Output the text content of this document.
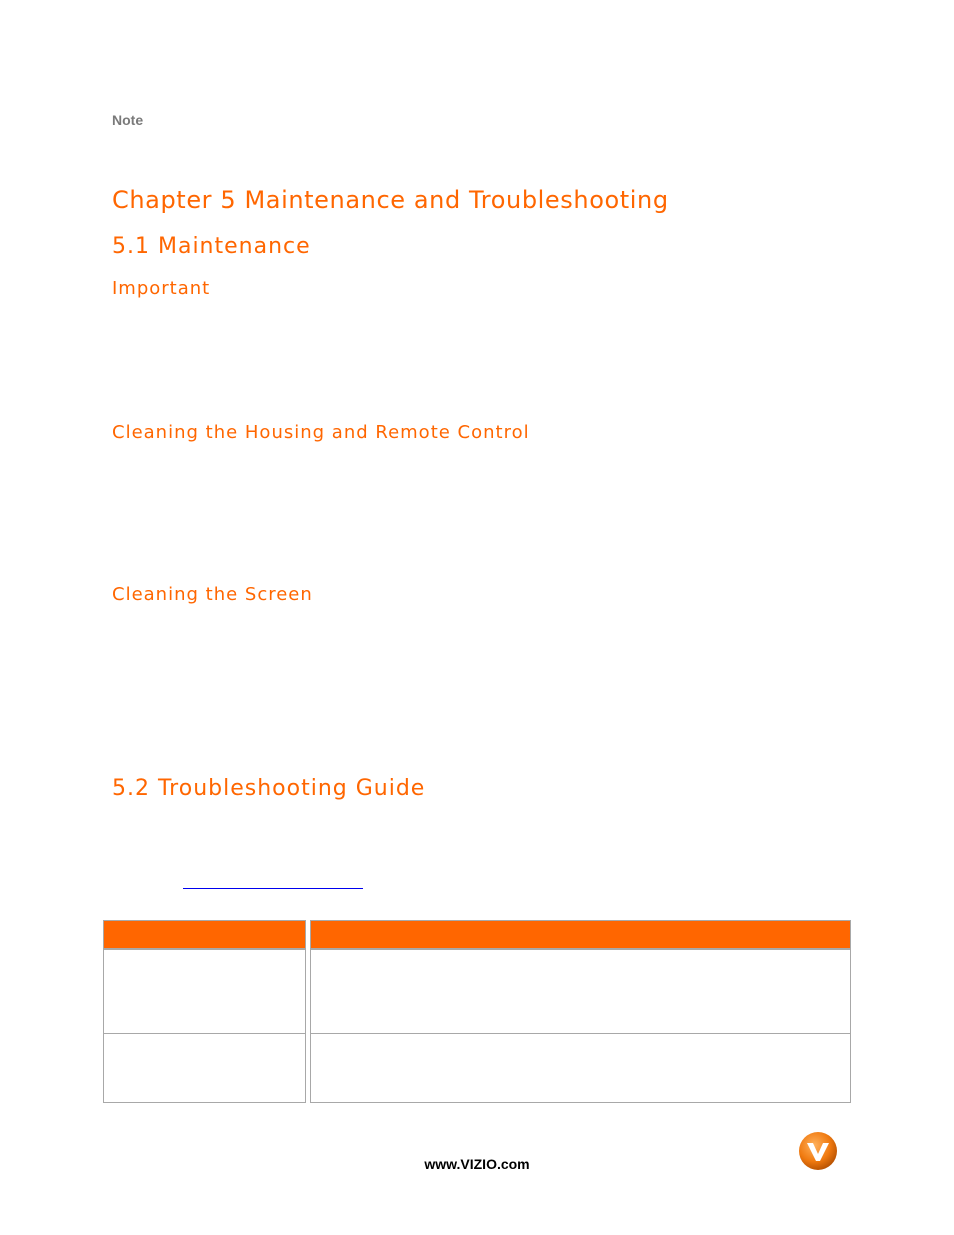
Note
Chapter 5 Maintenance and Troubleshooting
5.1 Maintenance
Important
Cleaning the Housing and Remote Control
Cleaning the Screen
5.2 Troubleshooting Guide
www.VIZIO.com
